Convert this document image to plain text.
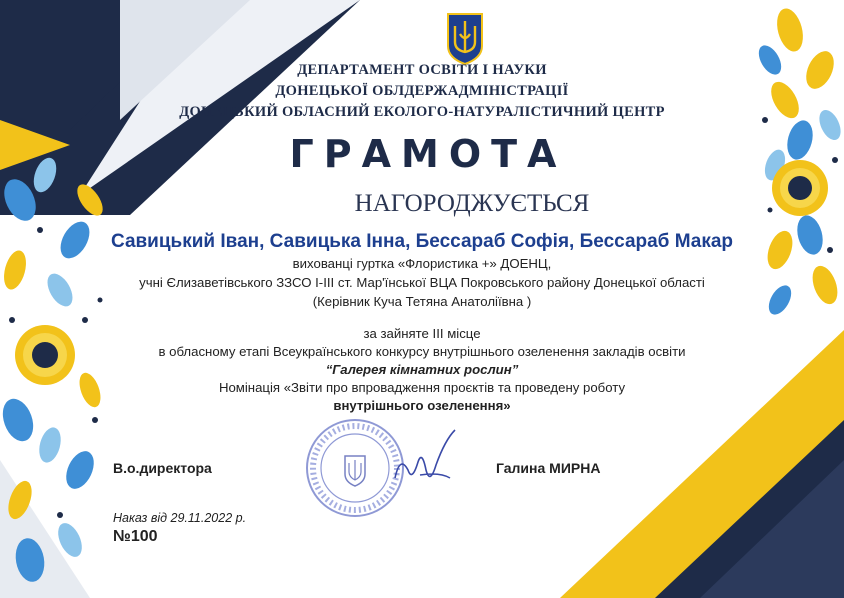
ДЕПАРТАМЕНТ ОСВІТИ І НАУКИ
ДОНЕЦЬКОЇ ОБЛДЕРЖАДМІНІСТРАЦІЇ
ДОНЕЦЬКИЙ ОБЛАСНИЙ ЕКОЛОГО-НАТУРАЛІСТИЧНИЙ ЦЕНТР
ГРАМОТА
НАГОРОДЖУЄТЬСЯ
Савицький Іван, Савицька Інна, Бессараб Софія, Бессараб Макар
вихованці гуртка «Флористика +» ДОЕНЦ,
учні Єлизаветівського ЗЗСО І-ІІІ ст. Мар'їнської ВЦА Покровського району Донецької області
(Керівник Куча Тетяна Анатоліївна )
за зайняте ІІІ місце
в обласному етапі Всеукраїнського конкурсу внутрішнього озеленення закладів освіти
“Галерея кімнатних рослин”
Номінація «Звіти про впровадження проєктів та проведену роботу
внутрішнього озеленення»
В.о.директора	Галина МИРНА
Наказ від 29.11.2022 р.
№100
